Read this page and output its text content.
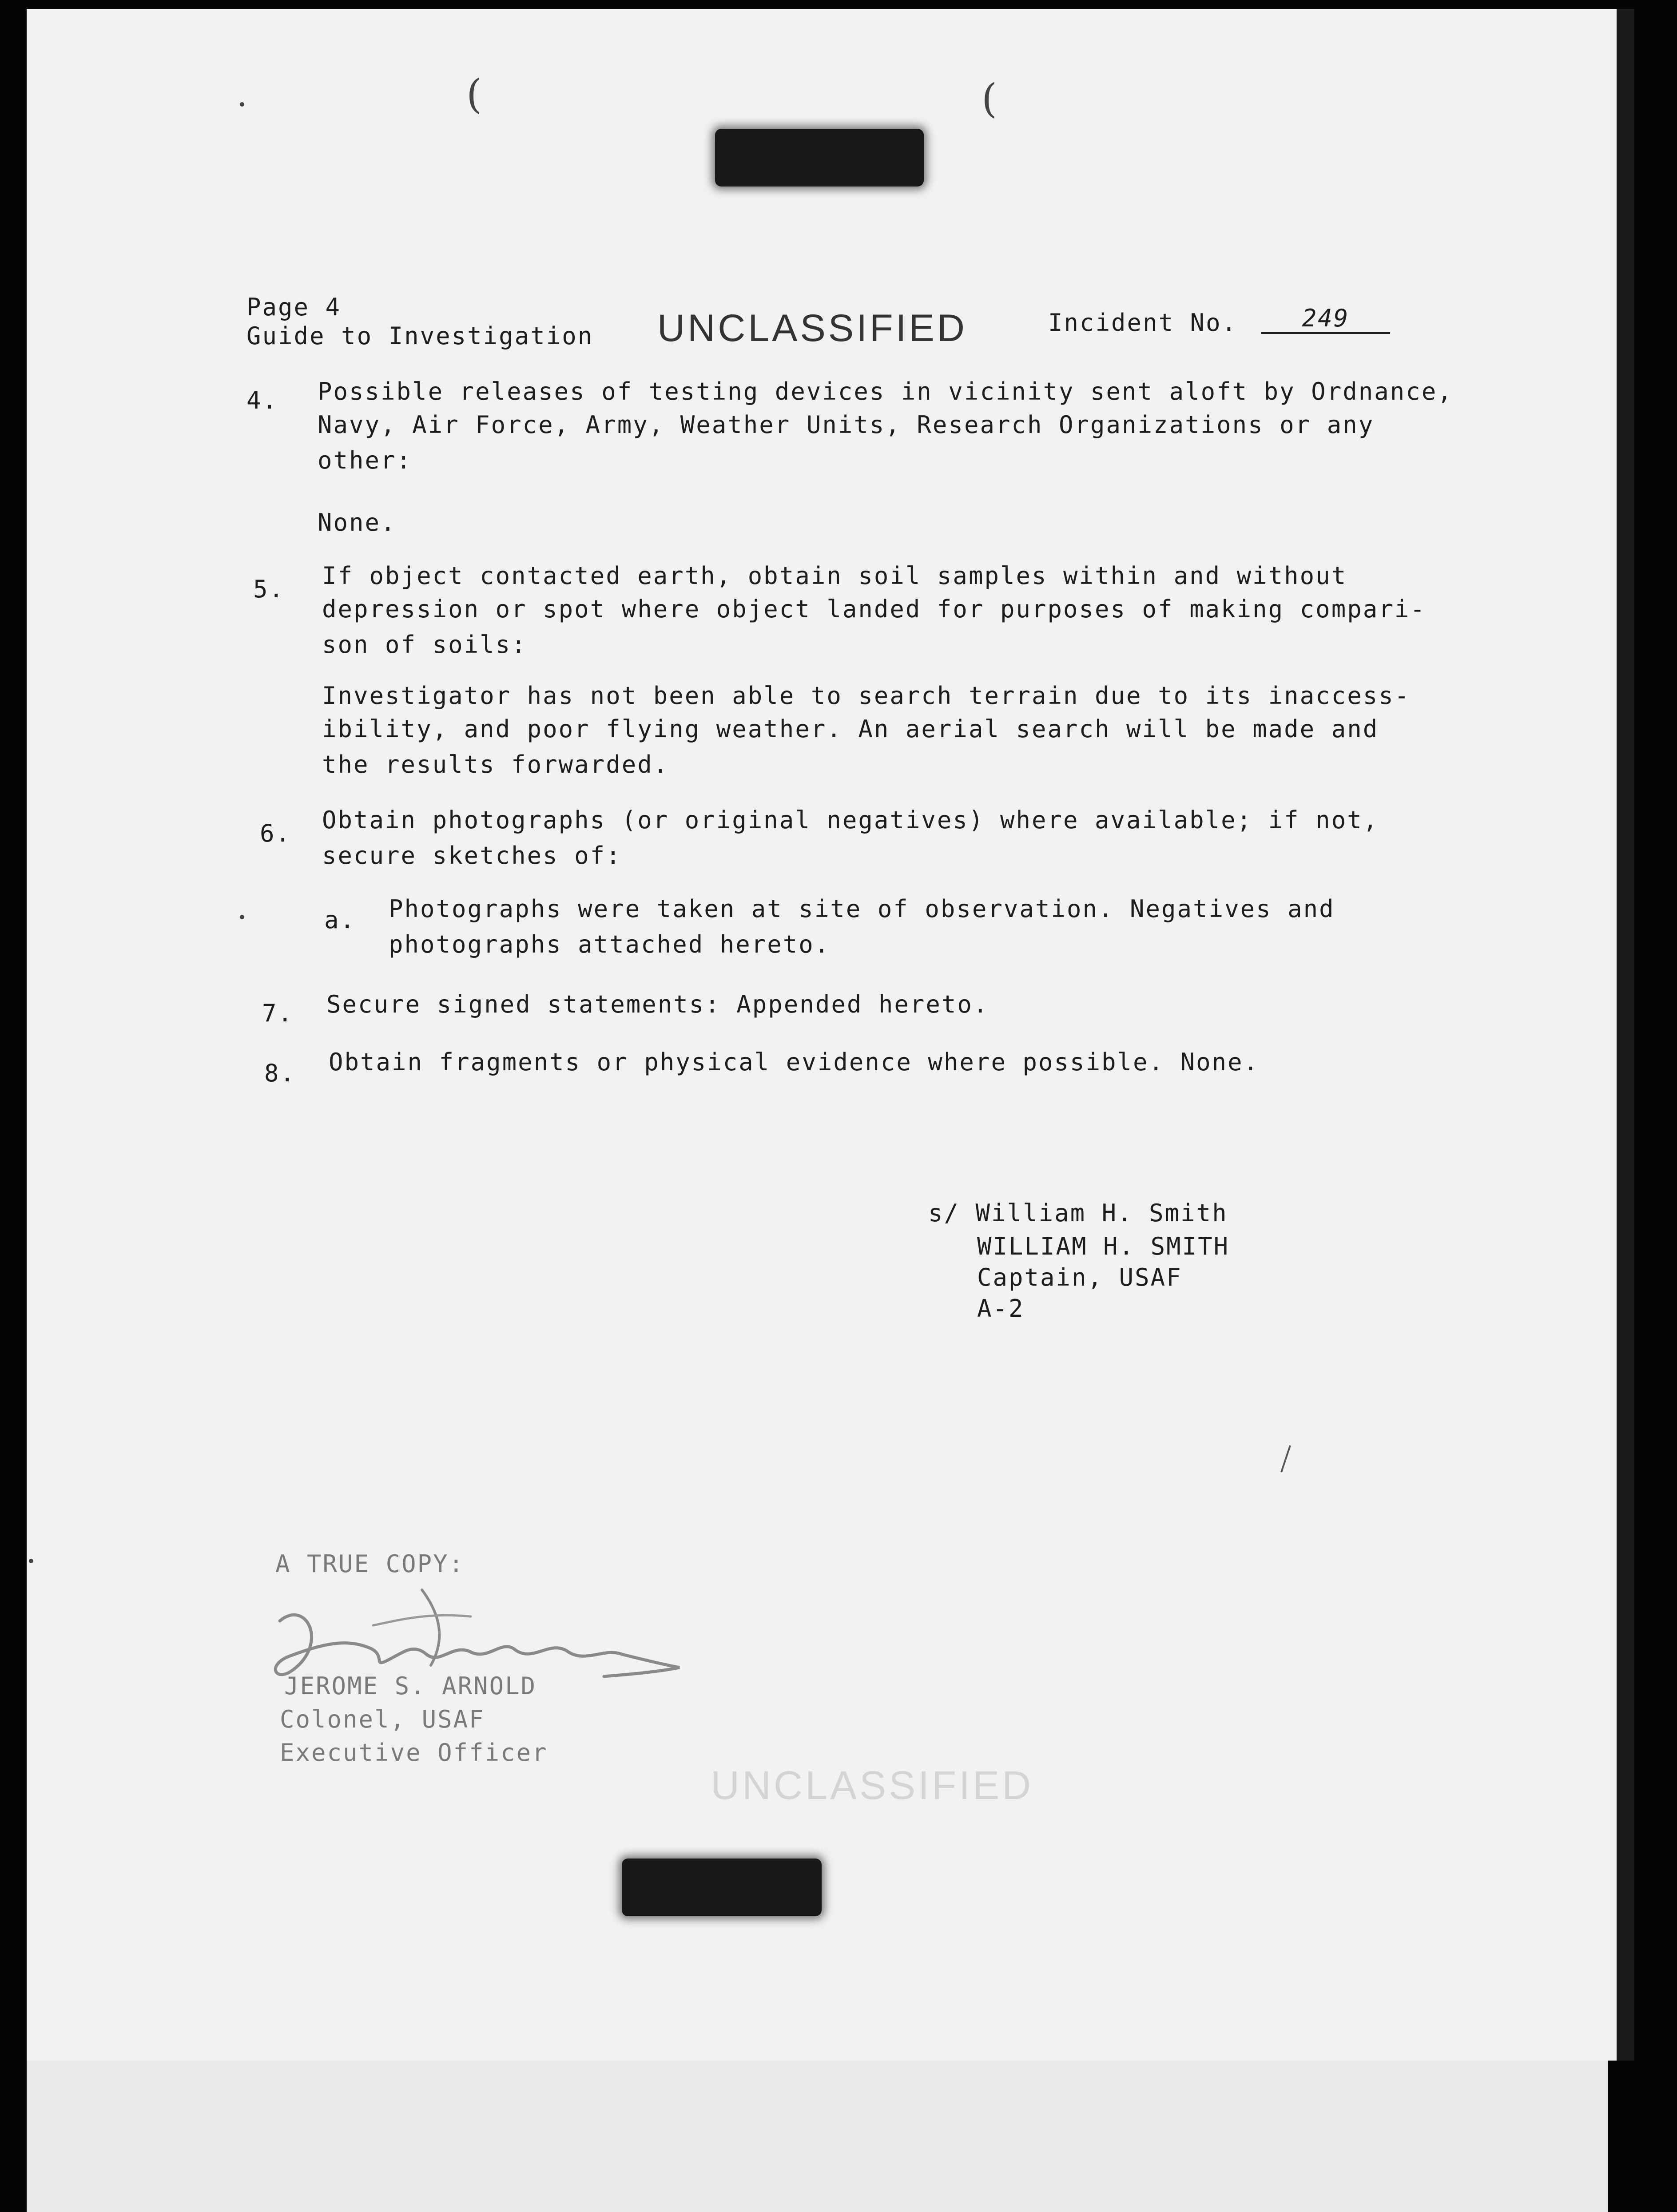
(	(
Page 4
Guide to Investigation UNCLASSIFIED	Incident No.	249
4. Possible releases of testing devices in vicinity sent aloft by Ordnance,
Navy, Air Force, Army, Weather Units, Research Organizations or any
other:
None.
5. If object contacted earth, obtain soil samples within and without
depression or spot where object landed for purposes of making compari-
son of soils:
Investigator has not been able to search terrain due to its inaccess-
ibility, and poor flying weather. An aerial search will be made and
the results forwarded.
6. Obtain photographs (or original negatives) where available; if not,
secure sketches of:
a. Photographs were taken at site of observation. Negatives and
photographs attached hereto.
7. Secure signed statements: Appended hereto.
8. Obtain fragments or physical evidence where possible. None.
s/ William H. Smith
WILLIAM H. SMITH
Captain, USAF
A-2
A TRUE COPY:
JEROME S. ARNOLD
Colonel, USAF
Executive Officer
UNCLASSIFIED
